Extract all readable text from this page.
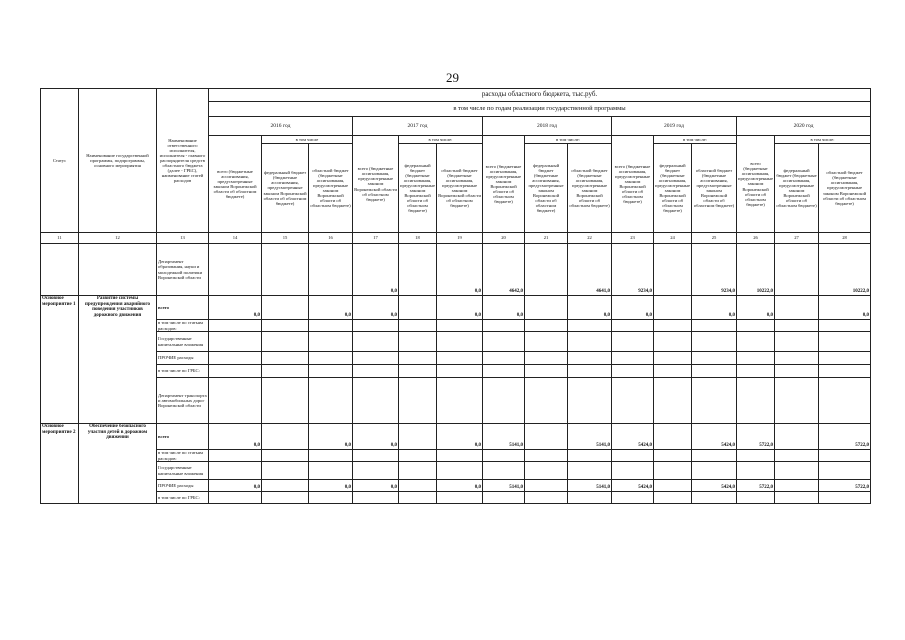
29
Статус	Наименование государственной программы, подпрограммы, основного мероприятия	Наименование ответственного исполнителя, исполнителя - главного распорядителя средств областного бюджета (далее - ГРБС), наименование статей расходов	расходы областного бюджета, тыс.руб.														
			в том числе по годам реализации государственной программы														
			2016 год			2017 год			2018 год			2019 год			2020 год		
			всего (бюджетные ассигнования, предусмотренные законом Воронежской области об областном бюджете)	в том числе		всего (бюджетные ассигнования, предусмотренные законом Воронежской области об областном бюджете)	в том числе:		всего (бюджетные ассигнования, предусмотренные законом Воронежской области об областном бюджете)	в том числе:		всего (бюджетные ассигнования, предусмотренные законом Воронежской области об областном бюджете)	в том числе:		всего (бюджетные ассигнования, предусмотренные законом Воронежской области об областном бюджете)	в том числе:	
				федеральный бюджет (бюджетные ассигнования, предусмотренные законом Воронежской области об областном бюджете)	областной бюджет (бюджетные ассигнования, предусмотренные законом Воронежской области об областном бюджете)		федеральный бюджет (бюджетные ассигнования, предусмотренные законом Воронежской области об областном бюджете)	областной бюджет (бюджетные ассигнования, предусмотренные законом Воронежской области об областном бюджете)		федеральный бюджет (бюджетные ассигнования, предусмотренные законом Воронежской области об областном бюджете)	областной бюджет (бюджетные ассигнования, предусмотренные законом Воронежской области об областном бюджете)		федеральный бюджет (бюджетные ассигнования, предусмотренные законом Воронежской области об областном бюджете)	областной бюджет (бюджетные ассигнования, предусмотренные законом Воронежской области об областном бюджете)		федеральный бюджет (бюджетные ассигнования, предусмотренные законом Воронежской области об областном бюджете)	областной бюджет (бюджетные ассигнования, предусмотренные законом Воронежской области об областном бюджете)
11	12	13	14	15	16	17	18	19	20	21	22	23	24	25	26	27	28
		Департамент образования, науки и молодежной политики Воронежской области				0,0		0,0	4642,0		4641,0	9234,0		9234,0	10222,0		10222,0
Основное мероприятие 1	Развитие системы предупреждения аварийного поведения участников дорожного движения	всего	0,0		0,0	0,0		0,0	0,0		0,0	0,0		0,0	0,0		0,0
		в том числе по статьям расходов:															
		Государственные капитальные вложения															
		ПРОЧИЕ расходы															
		в том числе по ГРБС:															
		Департамент транспорта и автомобильных дорог Воронежской области															
Основное мероприятие 2	Обеспечение безопасного участия детей в дорожном движении	всего	0,0		0,0	0,0		0,0	5141,0		5141,0	5424,0		5424,0	5722,0		5722,0
		в том числе по статьям расходов:															
		Государственные капитальные вложения															
		ПРОЧИЕ расходы	0,0		0,0	0,0		0,0	5141,0		5141,0	5424,0		5424,0	5722,0		5722,0
		в том числе по ГРБС:															
